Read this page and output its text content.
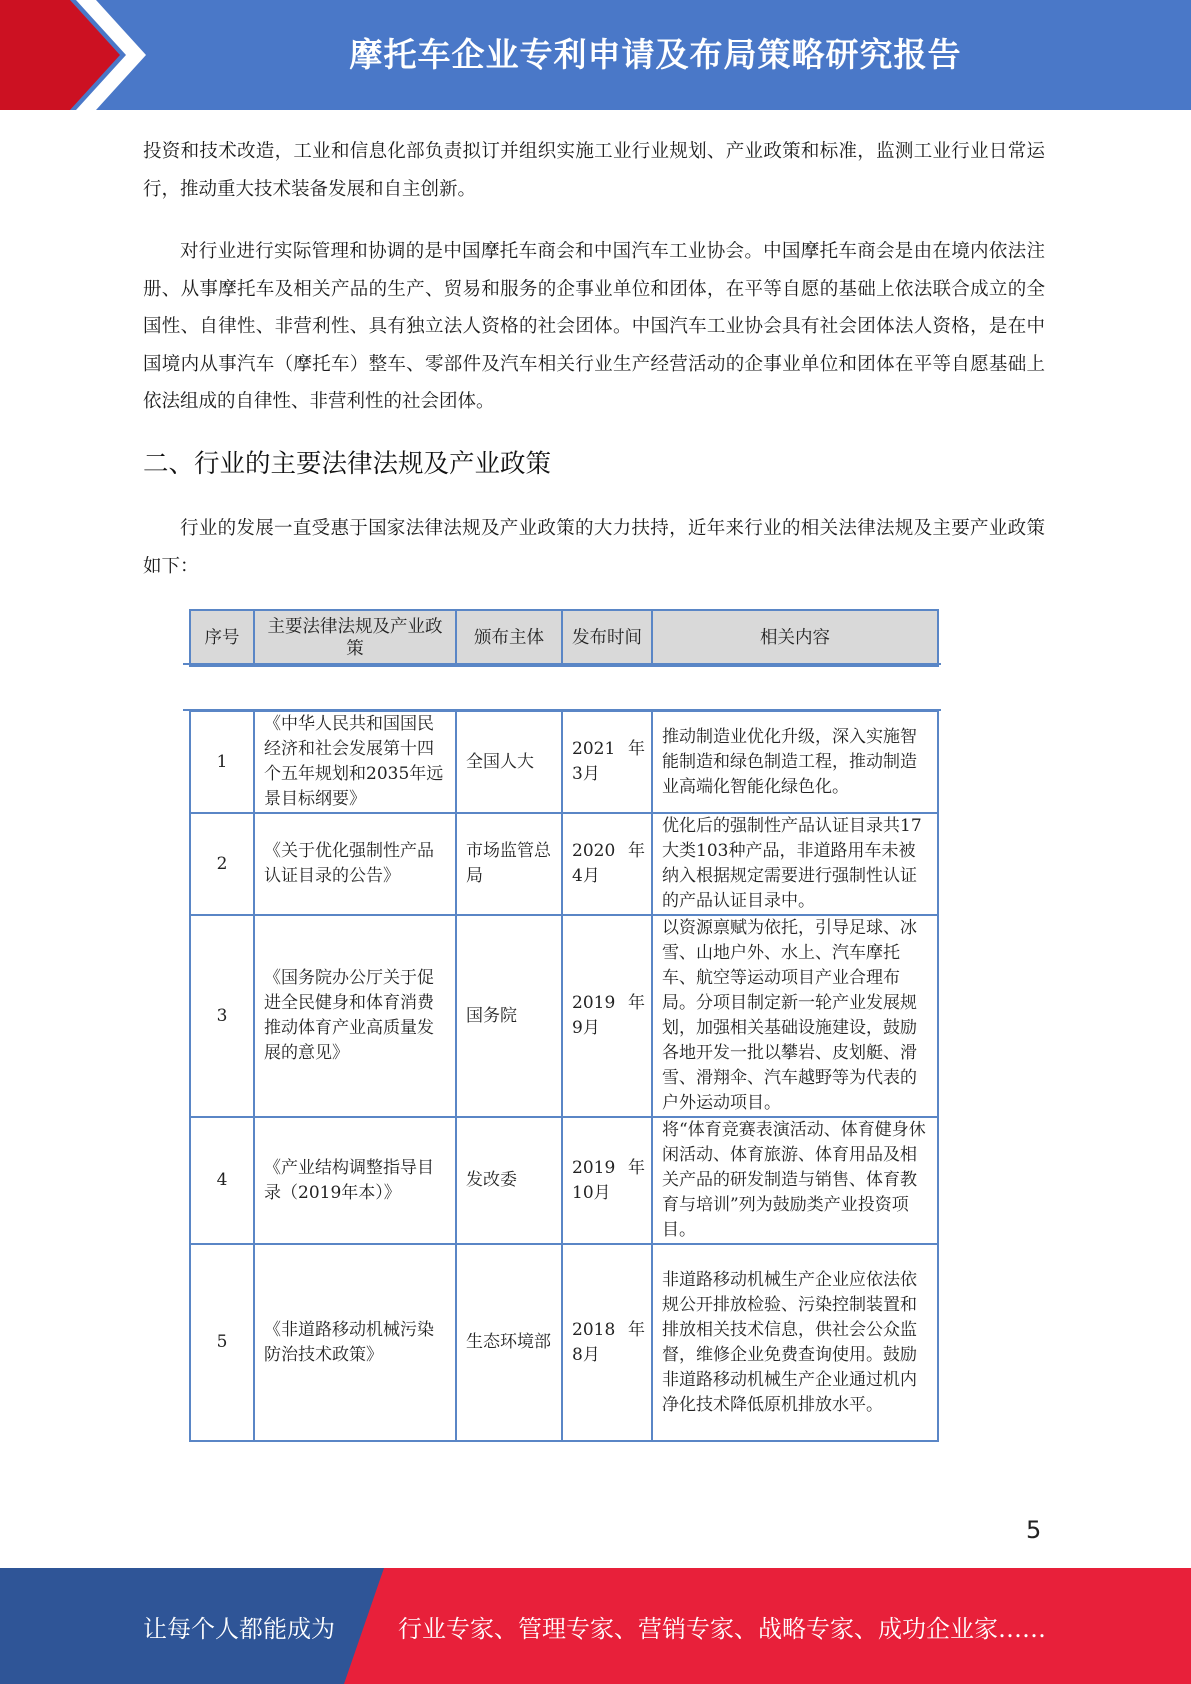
摩托车企业专利申请及布局策略研究报告

投资和技术改造，工业和信息化部负责拟订并组织实施工业行业规划、产业政策和标准，监测工业行业日常运行，推动重大技术装备发展和自主创新。

对行业进行实际管理和协调的是中国摩托车商会和中国汽车工业协会。中国摩托车商会是由在境内依法注册、从事摩托车及相关产品的生产、贸易和服务的企事业单位和团体，在平等自愿的基础上依法联合成立的全国性、自律性、非营利性、具有独立法人资格的社会团体。中国汽车工业协会具有社会团体法人资格，是在中国境内从事汽车（摩托车）整车、零部件及汽车相关行业生产经营活动的企事业单位和团体在平等自愿基础上依法组成的自律性、非营利性的社会团体。

二、行业的主要法律法规及产业政策

行业的发展一直受惠于国家法律法规及产业政策的大力扶持，近年来行业的相关法律法规及主要产业政策如下：

序号	主要法律法规及产业政策	颁布主体	发布时间	相关内容
1	《中华人民共和国国民经济和社会发展第十四个五年规划和2035年远景目标纲要》	全国人大	2021 年 3月	推动制造业优化升级，深入实施智能制造和绿色制造工程，推动制造业高端化智能化绿色化。
2	《关于优化强制性产品认证目录的公告》	市场监管总局	2020 年 4月	优化后的强制性产品认证目录共17大类103种产品，非道路用车未被纳入根据规定需要进行强制性认证的产品认证目录中。
3	《国务院办公厅关于促进全民健身和体育消费推动体育产业高质量发展的意见》	国务院	2019 年 9月	以资源禀赋为依托，引导足球、冰雪、山地户外、水上、汽车摩托车、航空等运动项目产业合理布局。分项目制定新一轮产业发展规划，加强相关基础设施建设，鼓励各地开发一批以攀岩、皮划艇、滑雪、滑翔伞、汽车越野等为代表的户外运动项目。
4	《产业结构调整指导目录（2019年本）》	发改委	2019 年 10月	将“体育竞赛表演活动、体育健身休闲活动、体育旅游、体育用品及相关产品的研发制造与销售、体育教育与培训”列为鼓励类产业投资项目。
5	《非道路移动机械污染防治技术政策》	生态环境部	2018 年 8月	非道路移动机械生产企业应依法依规公开排放检验、污染控制装置和排放相关技术信息，供社会公众监督，维修企业免费查询使用。鼓励非道路移动机械生产企业通过机内净化技术降低原机排放水平。
5
让每个人都能成为	行业专家、管理专家、营销专家、战略专家、成功企业家……
